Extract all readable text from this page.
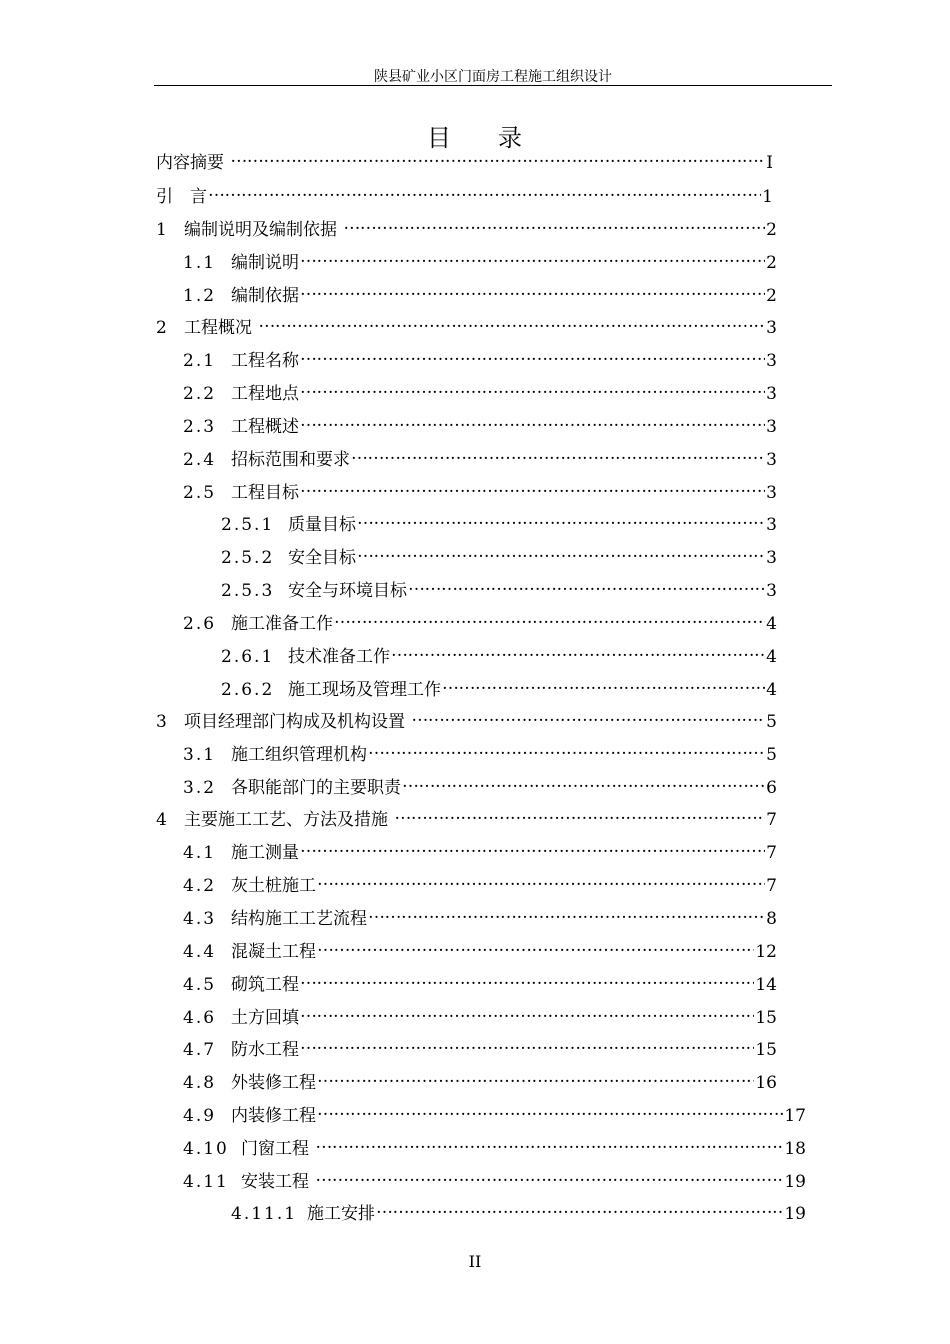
陕县矿业小区门面房工程施工组织设计
目 录
内容摘要 …………………………………………………………………………………………………………………………………………………………………………………………………………………………………	I
引　言 …………………………………………………………………………………………………………………………………………………………………………………………………………………………………	1
1 编制说明及编制依据 …………………………………………………………………………………………………………………………………………………………………………………………………………………………………	2
1.1 编制说明 …………………………………………………………………………………………………………………………………………………………………………………………………………………………………	2
1.2 编制依据 …………………………………………………………………………………………………………………………………………………………………………………………………………………………………	2
2 工程概况 …………………………………………………………………………………………………………………………………………………………………………………………………………………………………	3
2.1 工程名称 …………………………………………………………………………………………………………………………………………………………………………………………………………………………………	3
2.2 工程地点 …………………………………………………………………………………………………………………………………………………………………………………………………………………………………	3
2.3 工程概述 …………………………………………………………………………………………………………………………………………………………………………………………………………………………………	3
2.4 招标范围和要求 …………………………………………………………………………………………………………………………………………………………………………………………………………………………………	3
2.5 工程目标 …………………………………………………………………………………………………………………………………………………………………………………………………………………………………	3
2.5.1 质量目标 …………………………………………………………………………………………………………………………………………………………………………………………………………………………………	3
2.5.2 安全目标 …………………………………………………………………………………………………………………………………………………………………………………………………………………………………	3
2.5.3 安全与环境目标 …………………………………………………………………………………………………………………………………………………………………………………………………………………………………	3
2.6 施工准备工作 …………………………………………………………………………………………………………………………………………………………………………………………………………………………………	4
2.6.1 技术准备工作 …………………………………………………………………………………………………………………………………………………………………………………………………………………………………	4
2.6.2 施工现场及管理工作 …………………………………………………………………………………………………………………………………………………………………………………………………………………………………	4
3 项目经理部门构成及机构设置 …………………………………………………………………………………………………………………………………………………………………………………………………………………………………	5
3.1 施工组织管理机构 …………………………………………………………………………………………………………………………………………………………………………………………………………………………………	5
3.2 各职能部门的主要职责 …………………………………………………………………………………………………………………………………………………………………………………………………………………………………	6
4 主要施工工艺、方法及措施 …………………………………………………………………………………………………………………………………………………………………………………………………………………………………	7
4.1 施工测量 …………………………………………………………………………………………………………………………………………………………………………………………………………………………………	7
4.2 灰土桩施工 …………………………………………………………………………………………………………………………………………………………………………………………………………………………………	7
4.3 结构施工工艺流程 …………………………………………………………………………………………………………………………………………………………………………………………………………………………………	8
4.4 混凝土工程 …………………………………………………………………………………………………………………………………………………………………………………………………………………………………	12
4.5 砌筑工程 …………………………………………………………………………………………………………………………………………………………………………………………………………………………………	14
4.6 土方回填 …………………………………………………………………………………………………………………………………………………………………………………………………………………………………	15
4.7 防水工程 …………………………………………………………………………………………………………………………………………………………………………………………………………………………………	15
4.8 外装修工程 …………………………………………………………………………………………………………………………………………………………………………………………………………………………………	16
4.9 内装修工程 …………………………………………………………………………………………………………………………………………………………………………………………………………………………………	17
4.10 门窗工程 …………………………………………………………………………………………………………………………………………………………………………………………………………………………………	18
4.11 安装工程 …………………………………………………………………………………………………………………………………………………………………………………………………………………………………	19
4.11.1 施工安排 …………………………………………………………………………………………………………………………………………………………………………………………………………………………………	19
II
